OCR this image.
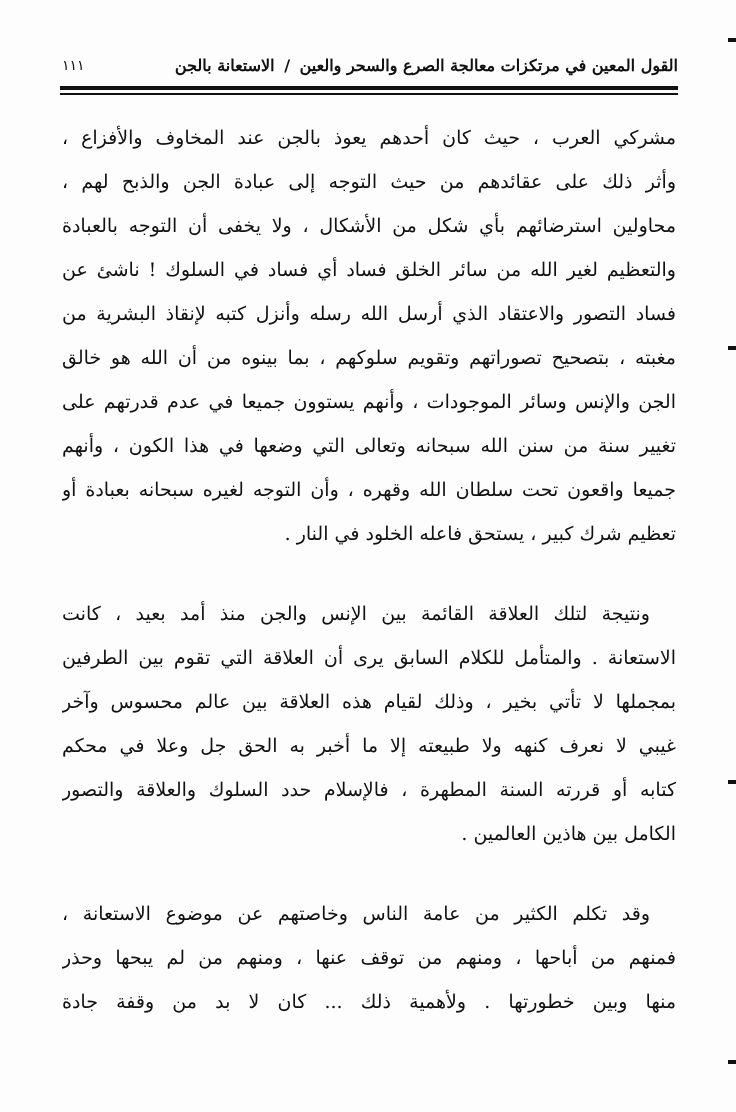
القول المعين في مرتكزات معالجة الصرع والسحر والعين / الاستعانة بالجن
١١١
مشركي العرب ، حيث كان أحدهم يعوذ بالجن عند المخاوف والأفزاع ،
وأثر ذلك على عقائدهم من حيث التوجه إلى عبادة الجن والذبح لهم ،
محاولين استرضائهم بأي شكل من الأشكال ، ولا يخفى أن التوجه بالعبادة
والتعظيم لغير الله من سائر الخلق فساد أي فساد في السلوك ! ناشئ عن
فساد التصور والاعتقاد الذي أرسل الله رسله وأنزل كتبه لإنقاذ البشرية من
مغبته ، بتصحيح تصوراتهم وتقويم سلوكهم ، بما بينوه من أن الله هو خالق
الجن والإنس وسائر الموجودات ، وأنهم يستوون جميعا في عدم قدرتهم على
تغيير سنة من سنن الله سبحانه وتعالى التي وضعها في هذا الكون ، وأنهم
جميعا واقعون تحت سلطان الله وقهره ، وأن التوجه لغيره سبحانه بعبادة أو
تعظيم شرك كبير ، يستحق فاعله الخلود في النار .
ونتيجة لتلك العلاقة القائمة بين الإنس والجن منذ أمد بعيد ، كانت
الاستعانة . والمتأمل للكلام السابق يرى أن العلاقة التي تقوم بين الطرفين
بمجملها لا تأتي بخير ، وذلك لقيام هذه العلاقة بين عالم محسوس وآخر
غيبي لا نعرف كنهه ولا طبيعته إلا ما أخبر به الحق جل وعلا في محكم
كتابه أو قررته السنة المطهرة ، فالإسلام حدد السلوك والعلاقة والتصور
الكامل بين هاذين العالمين .
وقد تكلم الكثير من عامة الناس وخاصتهم عن موضوع الاستعانة ،
فمنهم من أباحها ، ومنهم من توقف عنها ، ومنهم من لم يبحها وحذر
منها وبين خطورتها . ولأهمية ذلك ... كان لا بد من وقفة جادة
